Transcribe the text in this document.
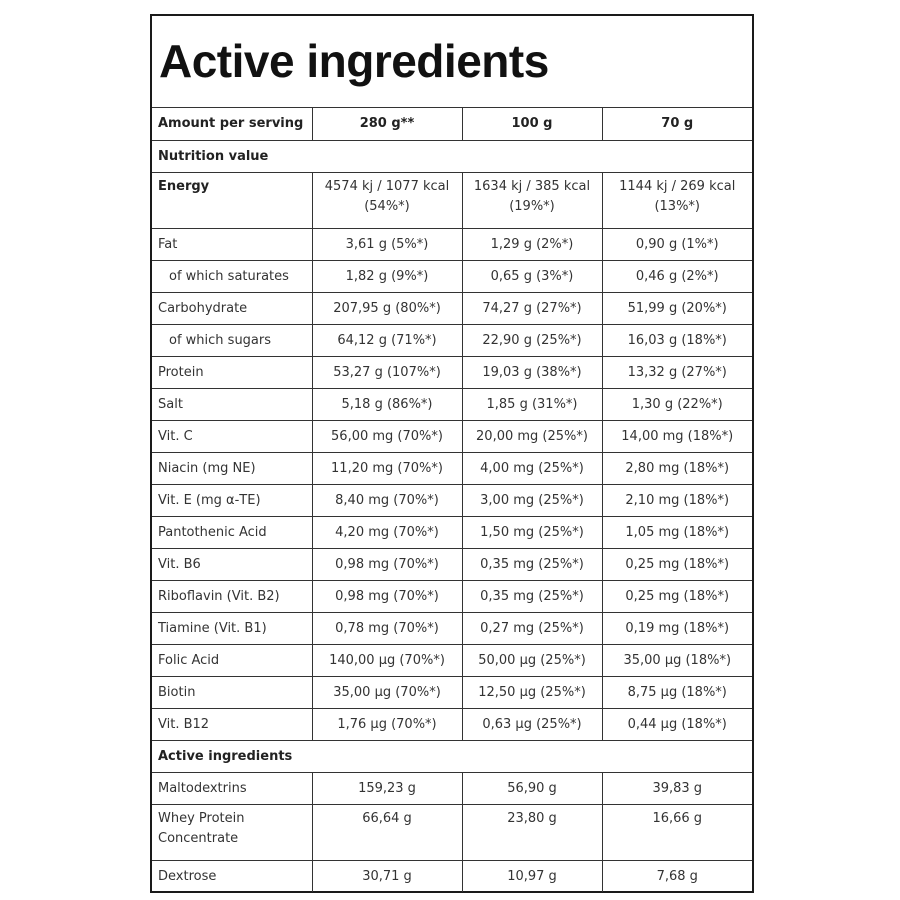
Active ingredients
Amount per serving	280 g**	100 g	70 g
Nutrition value			
Energy	4574 kj / 1077 kcal (54%*)	1634 kj / 385 kcal (19%*)	1144 kj / 269 kcal (13%*)
Fat	3,61 g (5%*)	1,29 g (2%*)	0,90 g (1%*)
of which saturates	1,82 g (9%*)	0,65 g (3%*)	0,46 g (2%*)
Carbohydrate	207,95 g (80%*)	74,27 g (27%*)	51,99 g (20%*)
of which sugars	64,12 g (71%*)	22,90 g (25%*)	16,03 g (18%*)
Protein	53,27 g (107%*)	19,03 g (38%*)	13,32 g (27%*)
Salt	5,18 g (86%*)	1,85 g (31%*)	1,30 g (22%*)
Vit. C	56,00 mg (70%*)	20,00 mg (25%*)	14,00 mg (18%*)
Niacin (mg NE)	11,20 mg (70%*)	4,00 mg (25%*)	2,80 mg (18%*)
Vit. E (mg α-TE)	8,40 mg (70%*)	3,00 mg (25%*)	2,10 mg (18%*)
Pantothenic Acid	4,20 mg (70%*)	1,50 mg (25%*)	1,05 mg (18%*)
Vit. B6	0,98 mg (70%*)	0,35 mg (25%*)	0,25 mg (18%*)
Riboflavin (Vit. B2)	0,98 mg (70%*)	0,35 mg (25%*)	0,25 mg (18%*)
Tiamine (Vit. B1)	0,78 mg (70%*)	0,27 mg (25%*)	0,19 mg (18%*)
Folic Acid	140,00 µg (70%*)	50,00 µg (25%*)	35,00 µg (18%*)
Biotin	35,00 µg (70%*)	12,50 µg (25%*)	8,75 µg (18%*)
Vit. B12	1,76 µg (70%*)	0,63 µg (25%*)	0,44 µg (18%*)
Active ingredients			
Maltodextrins	159,23 g	56,90 g	39,83 g
Whey Protein Concentrate	66,64 g	23,80 g	16,66 g
Dextrose	30,71 g	10,97 g	7,68 g
